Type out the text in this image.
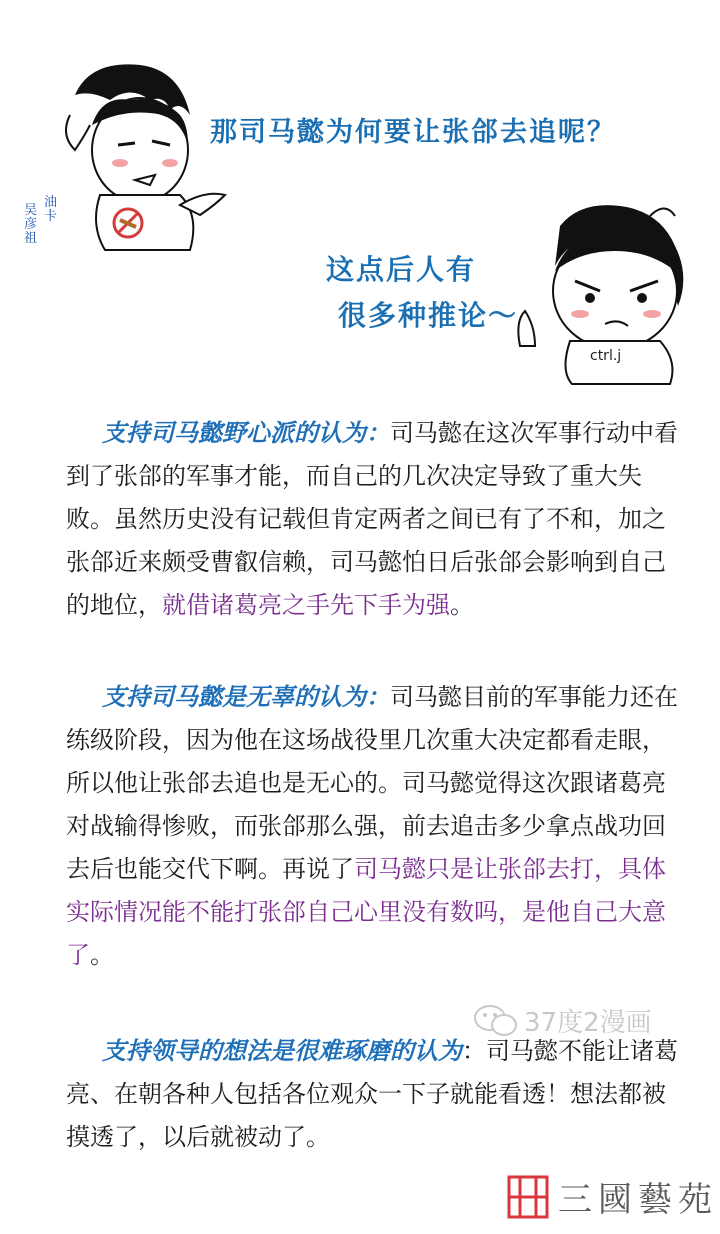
油卡
吴彦祖
那司马懿为何要让张郃去追呢？
这点后人有
很多种推论～
ctrl.j
支持司马懿野心派的认为：司马懿在这次军事行动中看到了张郃的军事才能，而自己的几次决定导致了重大失败。虽然历史没有记载但肯定两者之间已有了不和，加之张郃近来颇受曹叡信赖，司马懿怕日后张郃会影响到自己的地位，就借诸葛亮之手先下手为强。
支持司马懿是无辜的认为：司马懿目前的军事能力还在练级阶段，因为他在这场战役里几次重大决定都看走眼，所以他让张郃去追也是无心的。司马懿觉得这次跟诸葛亮对战输得惨败，而张郃那么强，前去追击多少拿点战功回去后也能交代下啊。再说了司马懿只是让张郃去打，具体实际情况能不能打张郃自己心里没有数吗，是他自己大意了。
37度2漫画
支持领导的想法是很难琢磨的认为：司马懿不能让诸葛亮、在朝各种人包括各位观众一下子就能看透！想法都被摸透了，以后就被动了。
三國藝苑
